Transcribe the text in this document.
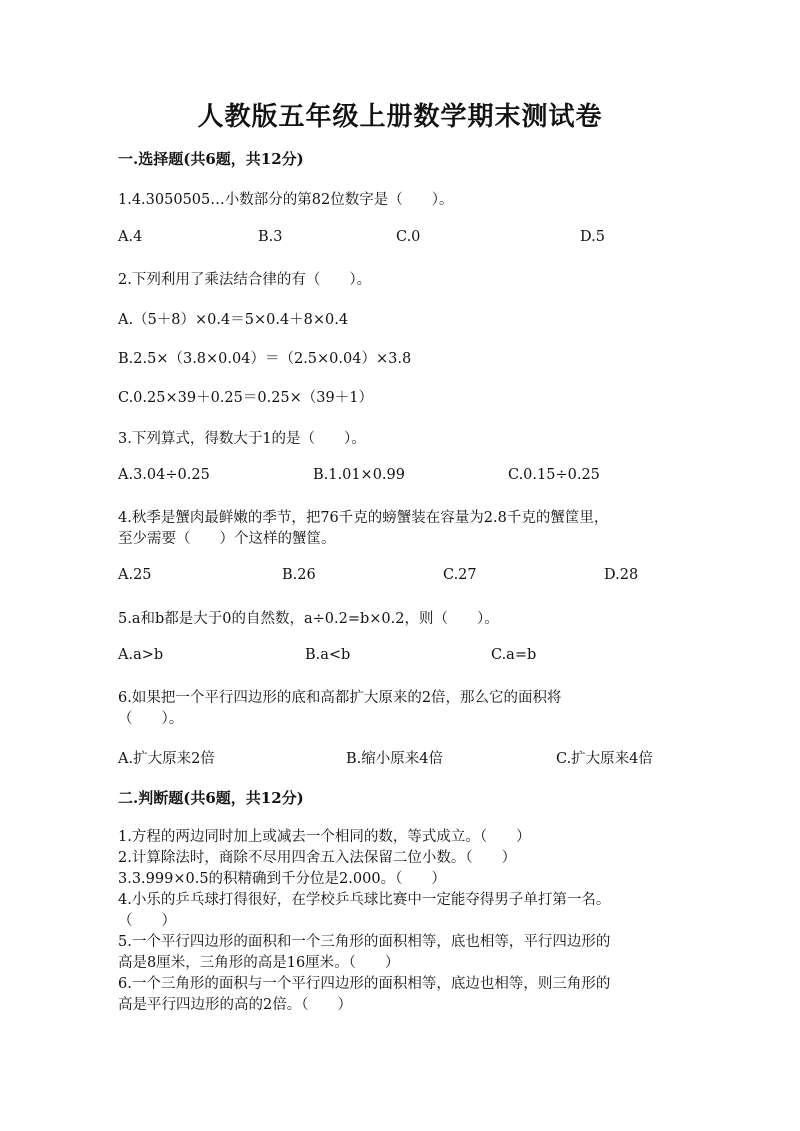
人教版五年级上册数学期末测试卷
一.选择题(共6题，共12分)
1.4.3050505…小数部分的第82位数字是（　　）。
A.4	B.3	C.0	D.5
2.下列利用了乘法结合律的有（　　）。
A.（5＋8）×0.4＝5×0.4＋8×0.4
B.2.5×（3.8×0.04）＝（2.5×0.04）×3.8
C.0.25×39＋0.25＝0.25×（39＋1）
3.下列算式，得数大于1的是（　　）。
A.3.04÷0.25	B.1.01×0.99	C.0.15÷0.25
4.秋季是蟹肉最鲜嫩的季节，把76千克的螃蟹装在容量为2.8千克的蟹筐里，
至少需要（　　）个这样的蟹筐。
A.25	B.26	C.27	D.28
5.a和b都是大于0的自然数，a÷0.2=b×0.2，则（　　）。
A.a>b	B.a<b	C.a=b
6.如果把一个平行四边形的底和高都扩大原来的2倍，那么它的面积将
（　　）。
A.扩大原来2倍	B.缩小原来4倍	C.扩大原来4倍
二.判断题(共6题，共12分)
1.方程的两边同时加上或减去一个相同的数，等式成立。（　　）
2.计算除法时，商除不尽用四舍五入法保留二位小数。（　　）
3.3.999×0.5的积精确到千分位是2.000。（　　）
4.小乐的乒乓球打得很好，在学校乒乓球比赛中一定能夺得男子单打第一名。
（　　）
5.一个平行四边形的面积和一个三角形的面积相等，底也相等，平行四边形的
高是8厘米，三角形的高是16厘米。（　　）
6.一个三角形的面积与一个平行四边形的面积相等，底边也相等，则三角形的
高是平行四边形的高的2倍。（　　）
